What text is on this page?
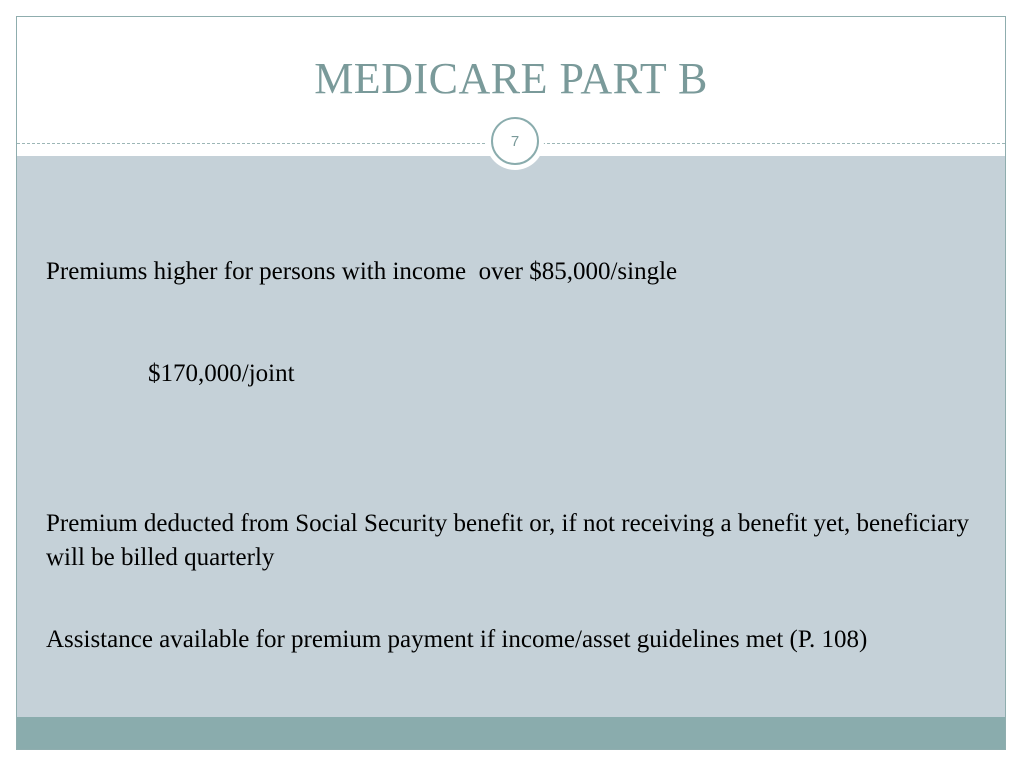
MEDICARE PART B
7

Premiums higher for persons with income  over $85,000/single

$170,000/joint

Premium deducted from Social Security benefit or, if not receiving a benefit yet, beneficiary will be billed quarterly
Assistance available for premium payment if income/asset guidelines met (P. 108)
